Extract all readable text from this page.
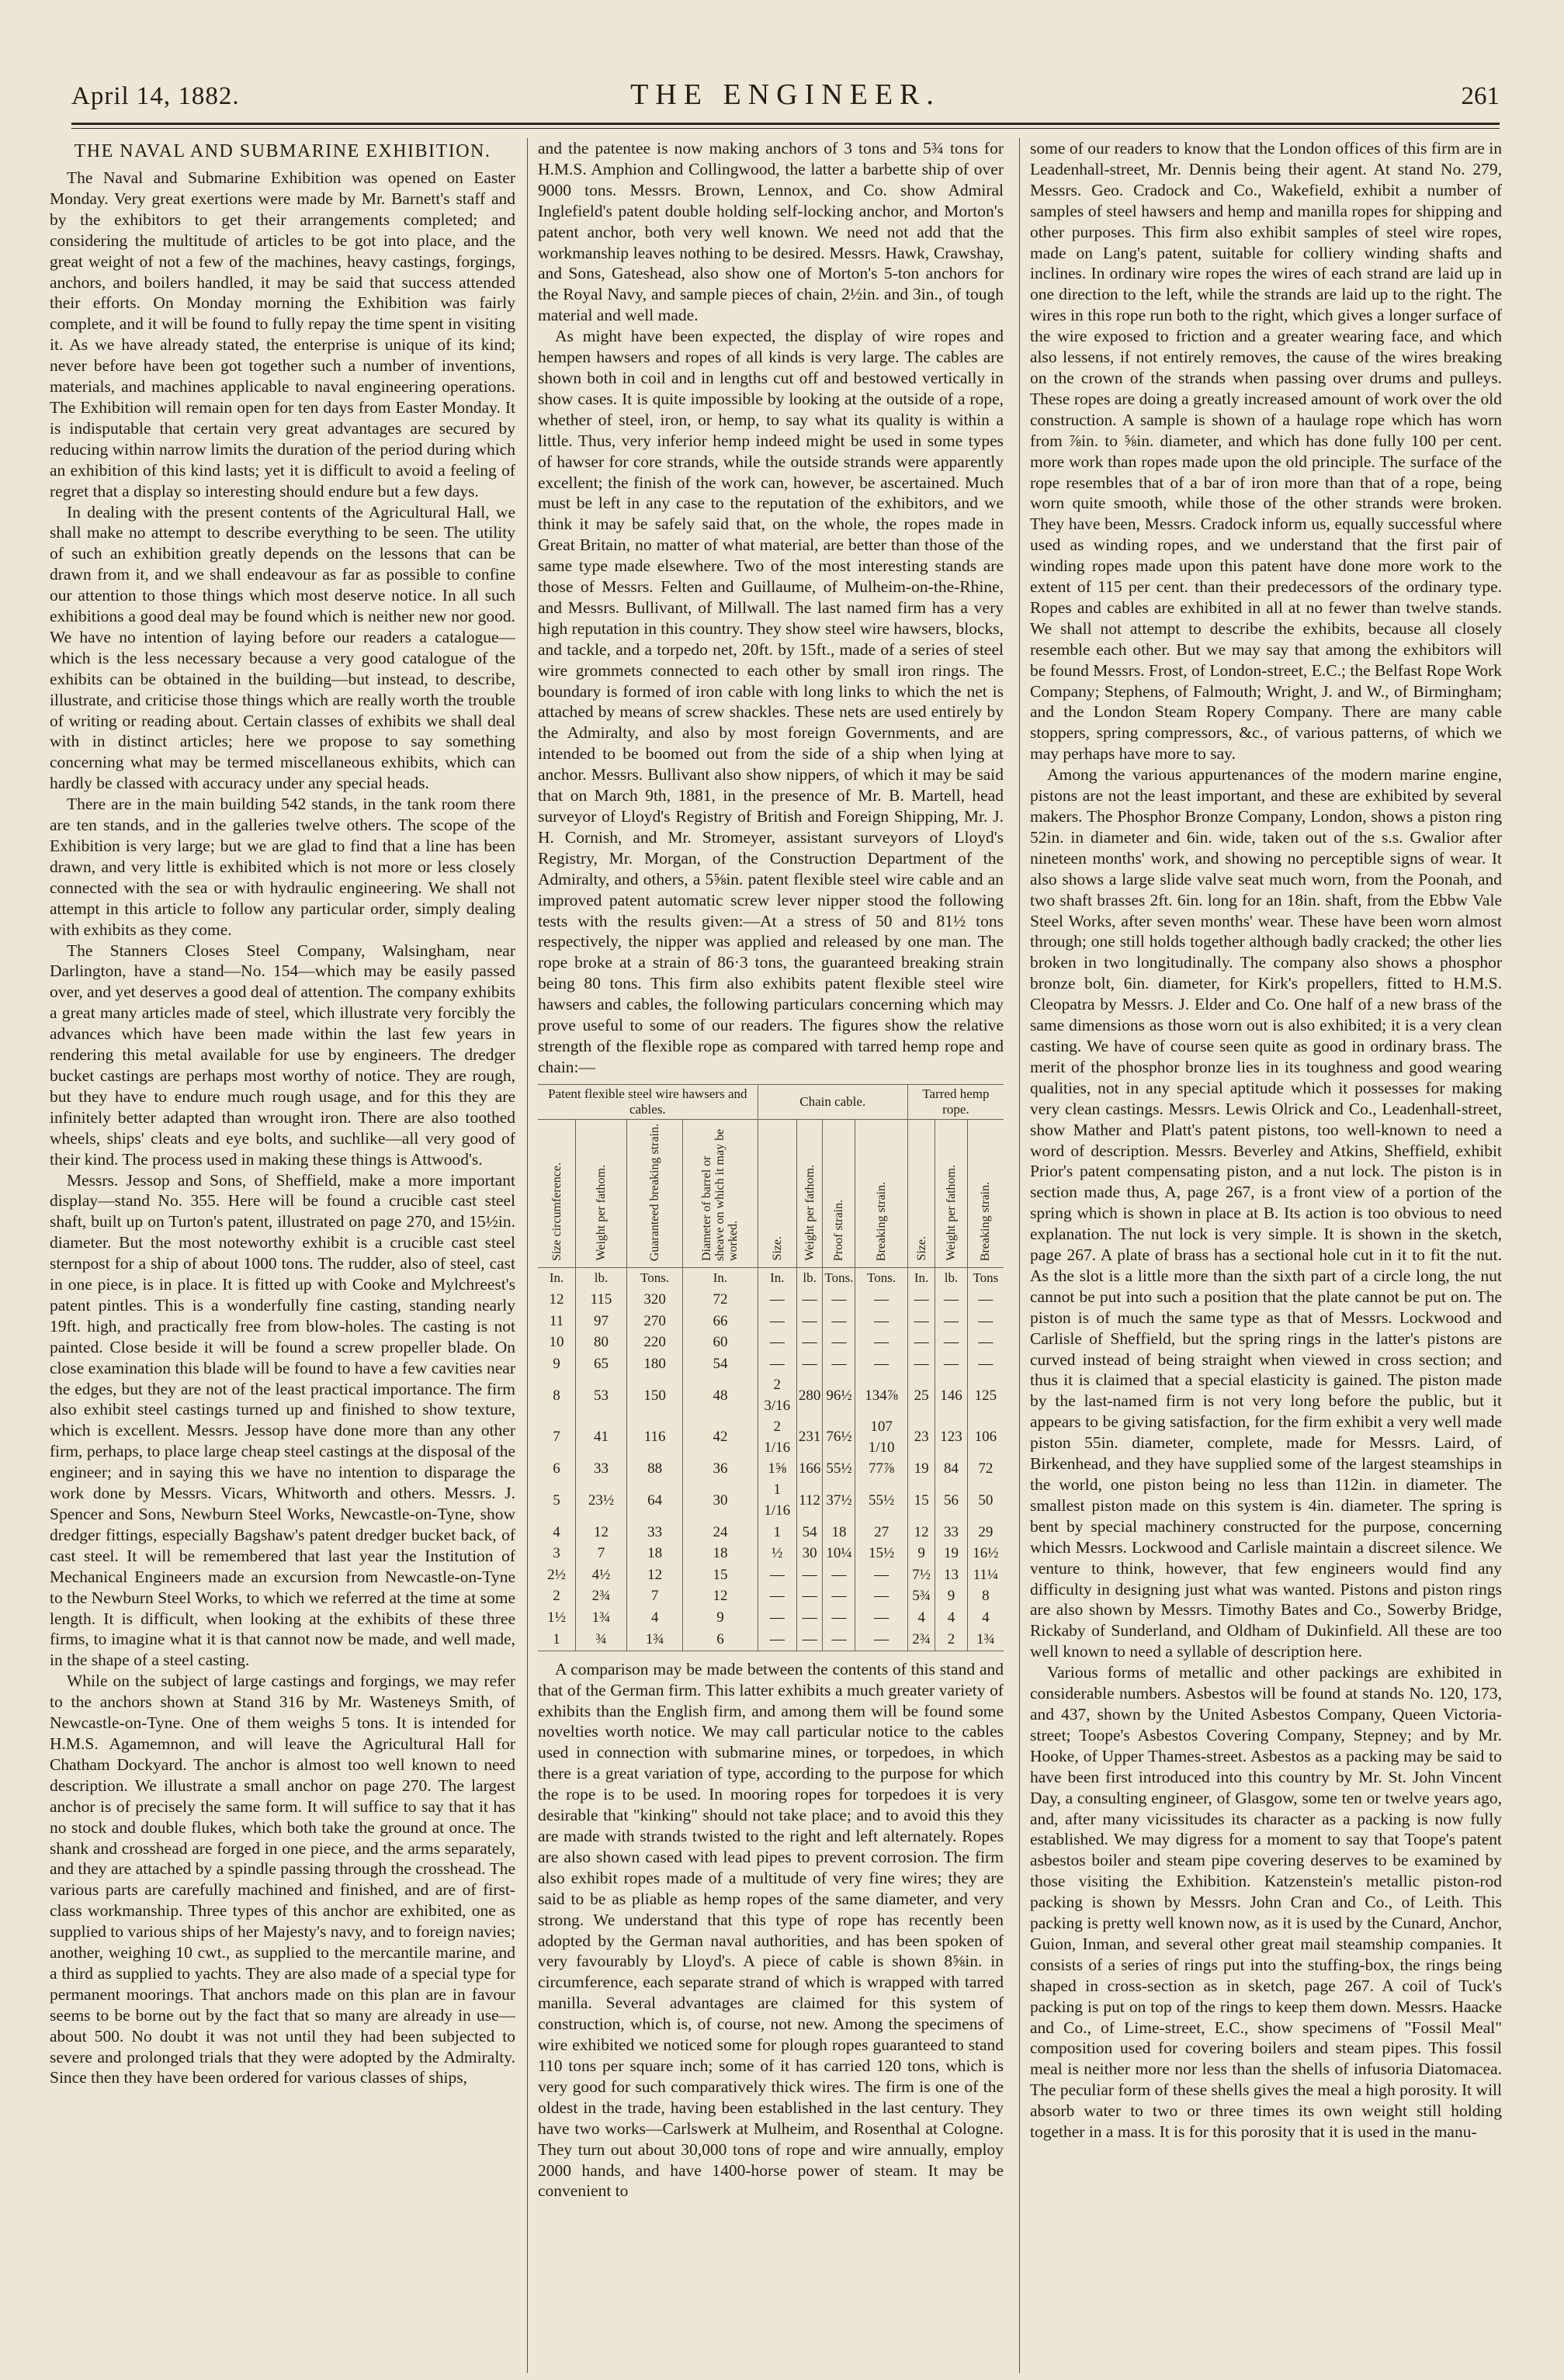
April 14, 1882.	THE ENGINEER.	261
THE NAVAL AND SUBMARINE EXHIBITION.

The Naval and Submarine Exhibition was opened on Easter Monday. Very great exertions were made by Mr. Barnett's staff and by the exhibitors to get their arrangements completed; and considering the multitude of articles to be got into place, and the great weight of not a few of the machines, heavy castings, forgings, anchors, and boilers handled, it may be said that success attended their efforts. On Monday morning the Exhibition was fairly complete, and it will be found to fully repay the time spent in visiting it. As we have already stated, the enterprise is unique of its kind; never before have been got together such a number of inventions, materials, and machines applicable to naval engineering operations. The Exhibition will remain open for ten days from Easter Monday. It is indisputable that certain very great advantages are secured by reducing within narrow limits the duration of the period during which an exhibition of this kind lasts; yet it is difficult to avoid a feeling of regret that a display so interesting should endure but a few days.

In dealing with the present contents of the Agricultural Hall, we shall make no attempt to describe everything to be seen. The utility of such an exhibition greatly depends on the lessons that can be drawn from it, and we shall endeavour as far as possible to confine our attention to those things which most deserve notice. In all such exhibitions a good deal may be found which is neither new nor good. We have no intention of laying before our readers a catalogue—which is the less necessary because a very good catalogue of the exhibits can be obtained in the building—but instead, to describe, illustrate, and criticise those things which are really worth the trouble of writing or reading about. Certain classes of exhibits we shall deal with in distinct articles; here we propose to say something concerning what may be termed miscellaneous exhibits, which can hardly be classed with accuracy under any special heads.

There are in the main building 542 stands, in the tank room there are ten stands, and in the galleries twelve others. The scope of the Exhibition is very large; but we are glad to find that a line has been drawn, and very little is exhibited which is not more or less closely connected with the sea or with hydraulic engineering. We shall not attempt in this article to follow any particular order, simply dealing with exhibits as they come.

The Stanners Closes Steel Company, Walsingham, near Darlington, have a stand—No. 154—which may be easily passed over, and yet deserves a good deal of attention. The company exhibits a great many articles made of steel, which illustrate very forcibly the advances which have been made within the last few years in rendering this metal available for use by engineers. The dredger bucket castings are perhaps most worthy of notice. They are rough, but they have to endure much rough usage, and for this they are infinitely better adapted than wrought iron. There are also toothed wheels, ships' cleats and eye bolts, and suchlike—all very good of their kind. The process used in making these things is Attwood's.

Messrs. Jessop and Sons, of Sheffield, make a more important display—stand No. 355. Here will be found a crucible cast steel shaft, built up on Turton's patent, illustrated on page 270, and 15½in. diameter. But the most noteworthy exhibit is a crucible cast steel sternpost for a ship of about 1000 tons. The rudder, also of steel, cast in one piece, is in place. It is fitted up with Cooke and Mylchreest's patent pintles. This is a wonderfully fine casting, standing nearly 19ft. high, and practically free from blow-holes. The casting is not painted. Close beside it will be found a screw propeller blade. On close examination this blade will be found to have a few cavities near the edges, but they are not of the least practical importance. The firm also exhibit steel castings turned up and finished to show texture, which is excellent. Messrs. Jessop have done more than any other firm, perhaps, to place large cheap steel castings at the disposal of the engineer; and in saying this we have no intention to disparage the work done by Messrs. Vicars, Whitworth and others. Messrs. J. Spencer and Sons, Newburn Steel Works, Newcastle-on-Tyne, show dredger fittings, especially Bagshaw's patent dredger bucket back, of cast steel. It will be remembered that last year the Institution of Mechanical Engineers made an excursion from Newcastle-on-Tyne to the Newburn Steel Works, to which we referred at the time at some length. It is difficult, when looking at the exhibits of these three firms, to imagine what it is that cannot now be made, and well made, in the shape of a steel casting.

While on the subject of large castings and forgings, we may refer to the anchors shown at Stand 316 by Mr. Wasteneys Smith, of Newcastle-on-Tyne. One of them weighs 5 tons. It is intended for H.M.S. Agamemnon, and will leave the Agricultural Hall for Chatham Dockyard. The anchor is almost too well known to need description. We illustrate a small anchor on page 270. The largest anchor is of precisely the same form. It will suffice to say that it has no stock and double flukes, which both take the ground at once. The shank and crosshead are forged in one piece, and the arms separately, and they are attached by a spindle passing through the crosshead. The various parts are carefully machined and finished, and are of first-class workmanship. Three types of this anchor are exhibited, one as supplied to various ships of her Majesty's navy, and to foreign navies; another, weighing 10 cwt., as supplied to the mercantile marine, and a third as supplied to yachts. They are also made of a special type for permanent moorings. That anchors made on this plan are in favour seems to be borne out by the fact that so many are already in use—about 500. No doubt it was not until they had been subjected to severe and prolonged trials that they were adopted by the Admiralty. Since then they have been ordered for various classes of ships,

and the patentee is now making anchors of 3 tons and 5¾ tons for H.M.S. Amphion and Collingwood, the latter a barbette ship of over 9000 tons. Messrs. Brown, Lennox, and Co. show Admiral Inglefield's patent double holding self-locking anchor, and Morton's patent anchor, both very well known. We need not add that the workmanship leaves nothing to be desired. Messrs. Hawk, Crawshay, and Sons, Gateshead, also show one of Morton's 5-ton anchors for the Royal Navy, and sample pieces of chain, 2½in. and 3in., of tough material and well made.

As might have been expected, the display of wire ropes and hempen hawsers and ropes of all kinds is very large. The cables are shown both in coil and in lengths cut off and bestowed vertically in show cases. It is quite impossible by looking at the outside of a rope, whether of steel, iron, or hemp, to say what its quality is within a little. Thus, very inferior hemp indeed might be used in some types of hawser for core strands, while the outside strands were apparently excellent; the finish of the work can, however, be ascertained. Much must be left in any case to the reputation of the exhibitors, and we think it may be safely said that, on the whole, the ropes made in Great Britain, no matter of what material, are better than those of the same type made elsewhere. Two of the most interesting stands are those of Messrs. Felten and Guillaume, of Mulheim-on-the-Rhine, and Messrs. Bullivant, of Millwall. The last named firm has a very high reputation in this country. They show steel wire hawsers, blocks, and tackle, and a torpedo net, 20ft. by 15ft., made of a series of steel wire grommets connected to each other by small iron rings. The boundary is formed of iron cable with long links to which the net is attached by means of screw shackles. These nets are used entirely by the Admiralty, and also by most foreign Governments, and are intended to be boomed out from the side of a ship when lying at anchor. Messrs. Bullivant also show nippers, of which it may be said that on March 9th, 1881, in the presence of Mr. B. Martell, head surveyor of Lloyd's Registry of British and Foreign Shipping, Mr. J. H. Cornish, and Mr. Stromeyer, assistant surveyors of Lloyd's Registry, Mr. Morgan, of the Construction Department of the Admiralty, and others, a 5⅝in. patent flexible steel wire cable and an improved patent automatic screw lever nipper stood the following tests with the results given:—At a stress of 50 and 81½ tons respectively, the nipper was applied and released by one man. The rope broke at a strain of 86·3 tons, the guaranteed breaking strain being 80 tons. This firm also exhibits patent flexible steel wire hawsers and cables, the following particulars concerning which may prove useful to some of our readers. The figures show the relative strength of the flexible rope as compared with tarred hemp rope and chain:—

Patent flexible steel wire hawsers and cables.				Chain cable.				Tarred hemp rope.		
Size circumference.	Weight per fathom.	Guaranteed breaking strain.	Diameter of barrel or sheave on which it may be worked.	Size.	Weight per fathom.	Proof strain.	Breaking strain.	Size.	Weight per fathom.	Breaking strain.
In.	lb.	Tons.	In.	In.	lb.	Tons.	Tons.	In.	lb.	Tons
12	115	320	72	—	—	—	—	—	—	—
11	97	270	66	—	—	—	—	—	—	—
10	80	220	60	—	—	—	—	—	—	—
9	65	180	54	—	—	—	—	—	—	—
8	53	150	48	2 3/16	280	96½	134⅞	25	146	125
7	41	116	42	2 1/16	231	76½	107 1/10	23	123	106
6	33	88	36	1⅝	166	55½	77⅞	19	84	72
5	23½	64	30	1 1/16	112	37½	55½	15	56	50
4	12	33	24	1	54	18	27	12	33	29
3	7	18	18	½	30	10¼	15½	9	19	16½
2½	4½	12	15	—	—	—	—	7½	13	11¼
2	2¾	7	12	—	—	—	—	5¾	9	8
1½	1¾	4	9	—	—	—	—	4	4	4
1	¾	1¾	6	—	—	—	—	2¾	2	1¾

A comparison may be made between the contents of this stand and that of the German firm. This latter exhibits a much greater variety of exhibits than the English firm, and among them will be found some novelties worth notice. We may call particular notice to the cables used in connection with submarine mines, or torpedoes, in which there is a great variation of type, according to the purpose for which the rope is to be used. In mooring ropes for torpedoes it is very desirable that "kinking" should not take place; and to avoid this they are made with strands twisted to the right and left alternately. Ropes are also shown cased with lead pipes to prevent corrosion. The firm also exhibit ropes made of a multitude of very fine wires; they are said to be as pliable as hemp ropes of the same diameter, and very strong. We understand that this type of rope has recently been adopted by the German naval authorities, and has been spoken of very favourably by Lloyd's. A piece of cable is shown 8⅝in. in circumference, each separate strand of which is wrapped with tarred manilla. Several advantages are claimed for this system of construction, which is, of course, not new. Among the specimens of wire exhibited we noticed some for plough ropes guaranteed to stand 110 tons per square inch; some of it has carried 120 tons, which is very good for such comparatively thick wires. The firm is one of the oldest in the trade, having been established in the last century. They have two works—Carlswerk at Mulheim, and Rosenthal at Cologne. They turn out about 30,000 tons of rope and wire annually, employ 2000 hands, and have 1400-horse power of steam. It may be convenient to

some of our readers to know that the London offices of this firm are in Leadenhall-street, Mr. Dennis being their agent. At stand No. 279, Messrs. Geo. Cradock and Co., Wakefield, exhibit a number of samples of steel hawsers and hemp and manilla ropes for shipping and other purposes. This firm also exhibit samples of steel wire ropes, made on Lang's patent, suitable for colliery winding shafts and inclines. In ordinary wire ropes the wires of each strand are laid up in one direction to the left, while the strands are laid up to the right. The wires in this rope run both to the right, which gives a longer surface of the wire exposed to friction and a greater wearing face, and which also lessens, if not entirely removes, the cause of the wires breaking on the crown of the strands when passing over drums and pulleys. These ropes are doing a greatly increased amount of work over the old construction. A sample is shown of a haulage rope which has worn from ⅞in. to ⅝in. diameter, and which has done fully 100 per cent. more work than ropes made upon the old principle. The surface of the rope resembles that of a bar of iron more than that of a rope, being worn quite smooth, while those of the other strands were broken. They have been, Messrs. Cradock inform us, equally successful where used as winding ropes, and we understand that the first pair of winding ropes made upon this patent have done more work to the extent of 115 per cent. than their predecessors of the ordinary type. Ropes and cables are exhibited in all at no fewer than twelve stands. We shall not attempt to describe the exhibits, because all closely resemble each other. But we may say that among the exhibitors will be found Messrs. Frost, of London-street, E.C.; the Belfast Rope Work Company; Stephens, of Falmouth; Wright, J. and W., of Birmingham; and the London Steam Ropery Company. There are many cable stoppers, spring compressors, &c., of various patterns, of which we may perhaps have more to say.

Among the various appurtenances of the modern marine engine, pistons are not the least important, and these are exhibited by several makers. The Phosphor Bronze Company, London, shows a piston ring 52in. in diameter and 6in. wide, taken out of the s.s. Gwalior after nineteen months' work, and showing no perceptible signs of wear. It also shows a large slide valve seat much worn, from the Poonah, and two shaft brasses 2ft. 6in. long for an 18in. shaft, from the Ebbw Vale Steel Works, after seven months' wear. These have been worn almost through; one still holds together although badly cracked; the other lies broken in two longitudinally. The company also shows a phosphor bronze bolt, 6in. diameter, for Kirk's propellers, fitted to H.M.S. Cleopatra by Messrs. J. Elder and Co. One half of a new brass of the same dimensions as those worn out is also exhibited; it is a very clean casting. We have of course seen quite as good in ordinary brass. The merit of the phosphor bronze lies in its toughness and good wearing qualities, not in any special aptitude which it possesses for making very clean castings. Messrs. Lewis Olrick and Co., Leadenhall-street, show Mather and Platt's patent pistons, too well-known to need a word of description. Messrs. Beverley and Atkins, Sheffield, exhibit Prior's patent compensating piston, and a nut lock. The piston is in section made thus, A, page 267, is a front view of a portion of the spring which is shown in place at B. Its action is too obvious to need explanation. The nut lock is very simple. It is shown in the sketch, page 267. A plate of brass has a sectional hole cut in it to fit the nut. As the slot is a little more than the sixth part of a circle long, the nut cannot be put into such a position that the plate cannot be put on. The piston is of much the same type as that of Messrs. Lockwood and Carlisle of Sheffield, but the spring rings in the latter's pistons are curved instead of being straight when viewed in cross section; and thus it is claimed that a special elasticity is gained. The piston made by the last-named firm is not very long before the public, but it appears to be giving satisfaction, for the firm exhibit a very well made piston 55in. diameter, complete, made for Messrs. Laird, of Birkenhead, and they have supplied some of the largest steamships in the world, one piston being no less than 112in. in diameter. The smallest piston made on this system is 4in. diameter. The spring is bent by special machinery constructed for the purpose, concerning which Messrs. Lockwood and Carlisle maintain a discreet silence. We venture to think, however, that few engineers would find any difficulty in designing just what was wanted. Pistons and piston rings are also shown by Messrs. Timothy Bates and Co., Sowerby Bridge, Rickaby of Sunderland, and Oldham of Dukinfield. All these are too well known to need a syllable of description here.

Various forms of metallic and other packings are exhibited in considerable numbers. Asbestos will be found at stands No. 120, 173, and 437, shown by the United Asbestos Company, Queen Victoria-street; Toope's Asbestos Covering Company, Stepney; and by Mr. Hooke, of Upper Thames-street. Asbestos as a packing may be said to have been first introduced into this country by Mr. St. John Vincent Day, a consulting engineer, of Glasgow, some ten or twelve years ago, and, after many vicissitudes its character as a packing is now fully established. We may digress for a moment to say that Toope's patent asbestos boiler and steam pipe covering deserves to be examined by those visiting the Exhibition. Katzenstein's metallic piston-rod packing is shown by Messrs. John Cran and Co., of Leith. This packing is pretty well known now, as it is used by the Cunard, Anchor, Guion, Inman, and several other great mail steamship companies. It consists of a series of rings put into the stuffing-box, the rings being shaped in cross-section as in sketch, page 267. A coil of Tuck's packing is put on top of the rings to keep them down. Messrs. Haacke and Co., of Lime-street, E.C., show specimens of "Fossil Meal" composition used for covering boilers and steam pipes. This fossil meal is neither more nor less than the shells of infusoria Diatomacea. The peculiar form of these shells gives the meal a high porosity. It will absorb water to two or three times its own weight still holding together in a mass. It is for this porosity that it is used in the manu-
